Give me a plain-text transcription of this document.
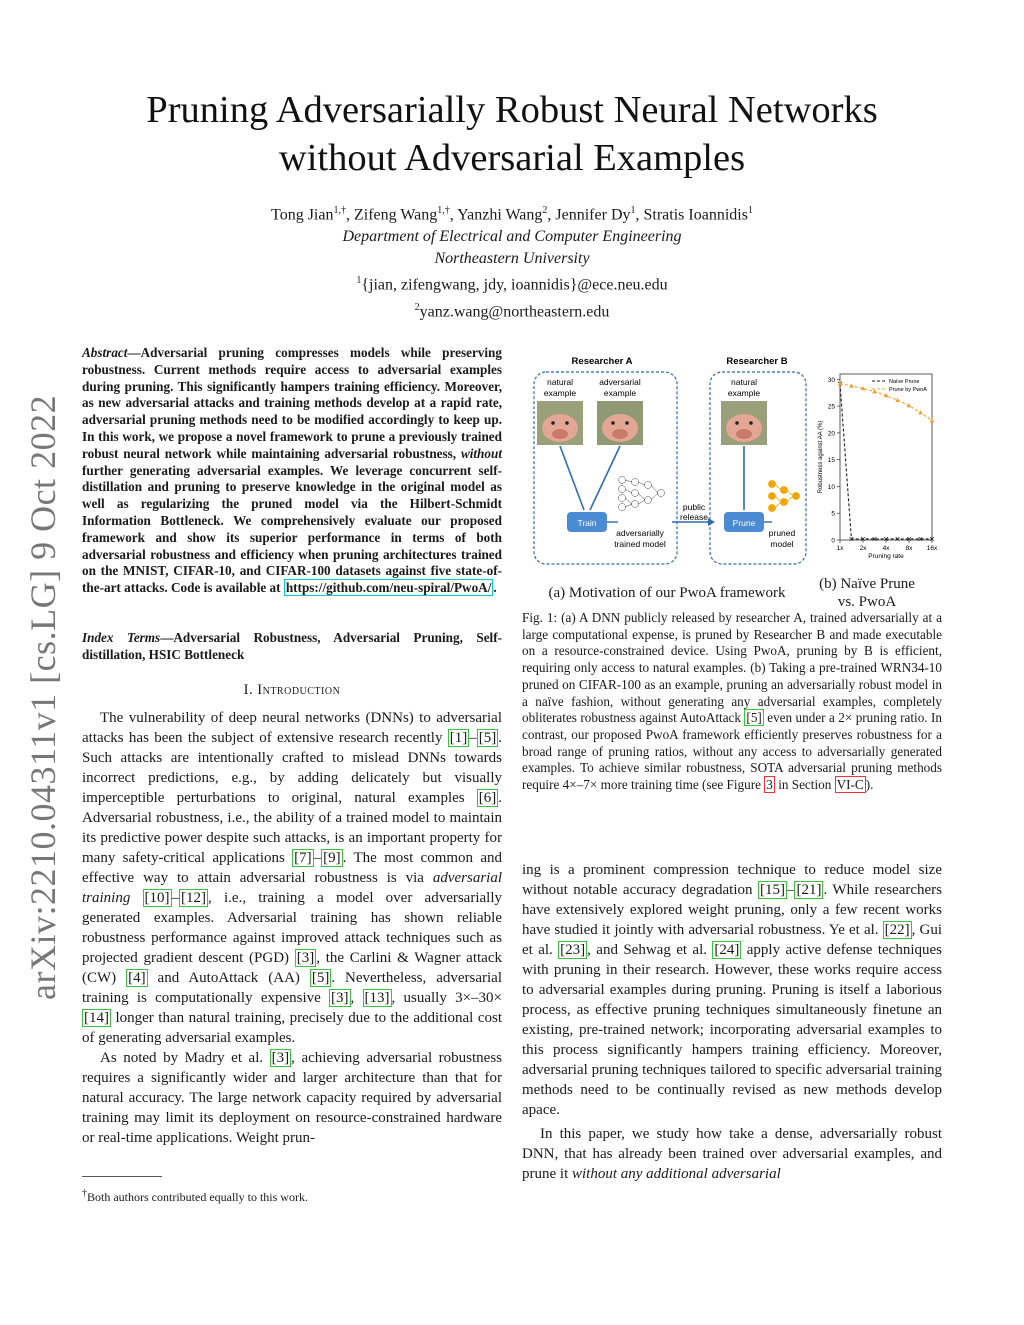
arXiv:2210.04311v1 [cs.LG] 9 Oct 2022
Pruning Adversarially Robust Neural Networks
without Adversarial Examples
Tong Jian$^{1,\dagger}$, Zifeng Wang$^{1,\dagger}$, Yanzhi Wang$^2$, Jennifer Dy$^1$, Stratis Ioannidis$^1$
Department of Electrical and Computer Engineering
Northeastern University
$^1${jian, zifengwang, jdy, ioannidis}@ece.neu.edu
$^2$yanz.wang@northeastern.edu
Abstract—Adversarial pruning compresses models while preserving robustness. Current methods require access to adversarial examples during pruning. This significantly hampers training efficiency. Moreover, as new adversarial attacks and training methods develop at a rapid rate, adversarial pruning methods need to be modified accordingly to keep up. In this work, we propose a novel framework to prune a previously trained robust neural network while maintaining adversarial robustness, without further generating adversarial examples. We leverage concurrent self-distillation and pruning to preserve knowledge in the original model as well as regularizing the pruned model via the Hilbert-Schmidt Information Bottleneck. We comprehensively evaluate our proposed framework and show its superior performance in terms of both adversarial robustness and efficiency when pruning architectures trained on the MNIST, CIFAR-10, and CIFAR-100 datasets against five state-of-the-art attacks. Code is available at https://github.com/neu-spiral/PwoA/ .
Index Terms—Adversarial Robustness, Adversarial Pruning, Self-distillation, HSIC Bottleneck
I. Introduction

The vulnerability of deep neural networks (DNNs) to adversarial attacks has been the subject of extensive research recently [1] – [5] . Such attacks are intentionally crafted to mislead DNNs towards incorrect predictions, e.g., by adding delicately but visually imperceptible perturbations to original, natural examples [6] . Adversarial robustness, i.e., the ability of a trained model to maintain its predictive power despite such attacks, is an important property for many safety-critical applications [7] – [9] . The most common and effective way to attain adversarial robustness is via adversarial training [10] – [12] , i.e., training a model over adversarially generated examples. Adversarial training has shown reliable robustness performance against improved attack techniques such as projected gradient descent (PGD) [3] , the Carlini & Wagner attack (CW) [4] and AutoAttack (AA) [5] . Nevertheless, adversarial training is computationally expensive [3] , [13] , usually 3×–30× [14] longer than natural training, precisely due to the additional cost of generating adversarial examples.

As noted by Madry et al. [3] , achieving adversarial robustness requires a significantly wider and larger architecture than that for natural accuracy. The large network capacity required by adversarial training may limit its deployment on resource-constrained hardware or real-time applications. Weight prun-

†Both authors contributed equally to this work.
Researcher A
natural
example
adversarial
example
Train
adversarially
trained model
public
release
Researcher B
natural
example
Prune
pruned
model	0
5
10
15
20
25
30
1x 2x 4x 8x 16x
Pruning rate
Robustness against AA (%)
Naïve Prune
Prune by PwoA
(a) Motivation of our PwoA framework
(b) Naïve Prune
vs. PwoA
Fig. 1: (a) A DNN publicly released by researcher A, trained adversarially at a large computational expense, is pruned by Researcher B and made executable on a resource-constrained device. Using PwoA, pruning by B is efficient, requiring only access to natural examples. (b) Taking a pre-trained WRN34-10 pruned on CIFAR-100 as an example, pruning an adversarially robust model in a naïve fashion, without generating any adversarial examples, completely obliterates robustness against AutoAttack [5] even under a 2× pruning ratio. In contrast, our proposed PwoA framework efficiently preserves robustness for a broad range of pruning ratios, without any access to adversarially generated examples. To achieve similar robustness, SOTA adversarial pruning methods require 4×–7× more training time (see Figure 3 in Section VI-C ).

ing is a prominent compression technique to reduce model size without notable accuracy degradation [15] – [21] . While researchers have extensively explored weight pruning, only a few recent works have studied it jointly with adversarial robustness. Ye et al. [22] , Gui et al. [23] , and Sehwag et al. [24] apply active defense techniques with pruning in their research. However, these works require access to adversarial examples during pruning. Pruning is itself a laborious process, as effective pruning techniques simultaneously finetune an existing, pre-trained network; incorporating adversarial examples to this process significantly hampers training efficiency. Moreover, adversarial pruning techniques tailored to specific adversarial training methods need to be continually revised as new methods develop apace.

In this paper, we study how take a dense, adversarially robust DNN, that has already been trained over adversarial examples, and prune it without any additional adversarial
